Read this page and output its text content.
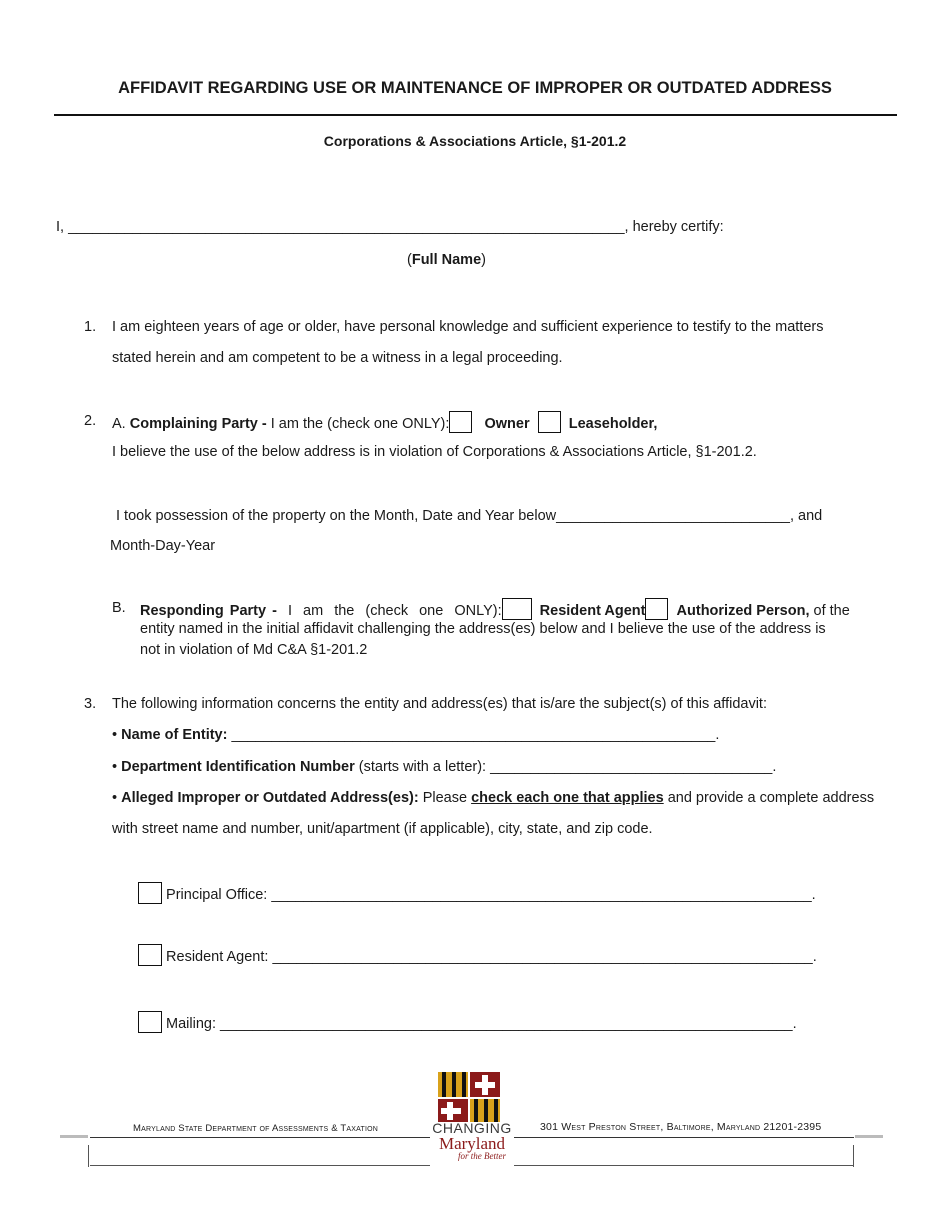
AFFIDAVIT REGARDING USE OR MAINTENANCE OF IMPROPER OR OUTDATED ADDRESS
Corporations & Associations Article, §1-201.2
I, _____________________________________________________________________, hereby certify:
(Full Name)
1. I am eighteen years of age or older, have personal knowledge and sufficient experience to testify to the matters
stated herein and am competent to be a witness in a legal proceeding.
2. A. Complaining Party - I am the (check one ONLY): Owner	Leaseholder,
I believe the use of the below address is in violation of Corporations & Associations Article, §1-201.2.
I took possession of the property on the Month, Date and Year below_____________________________, and
Month-Day-Year
B. Responding Party - I am the (check one ONLY):	Resident Agent Authorized Person, of the
entity named in the initial affidavit challenging the address(es) below and I believe the use of the address is
not in violation of Md C&A §1-201.2
3. The following information concerns the entity and address(es) that is/are the subject(s) of this affidavit:
• Name of Entity: ____________________________________________________________.
• Department Identification Number (starts with a letter): ___________________________________.
• Alleged Improper or Outdated Address(es): Please check each one that applies and provide a complete address
with street name and number, unit/apartment (if applicable), city, state, and zip code.
Principal Office: ___________________________________________________________________.
Resident Agent: ___________________________________________________________________.
Mailing: _______________________________________________________________________.
Maryland State Department of Assessments & Taxation	301 West Preston Street, Baltimore, Maryland 21201-2395
CHANGING
Maryland
for the Better
